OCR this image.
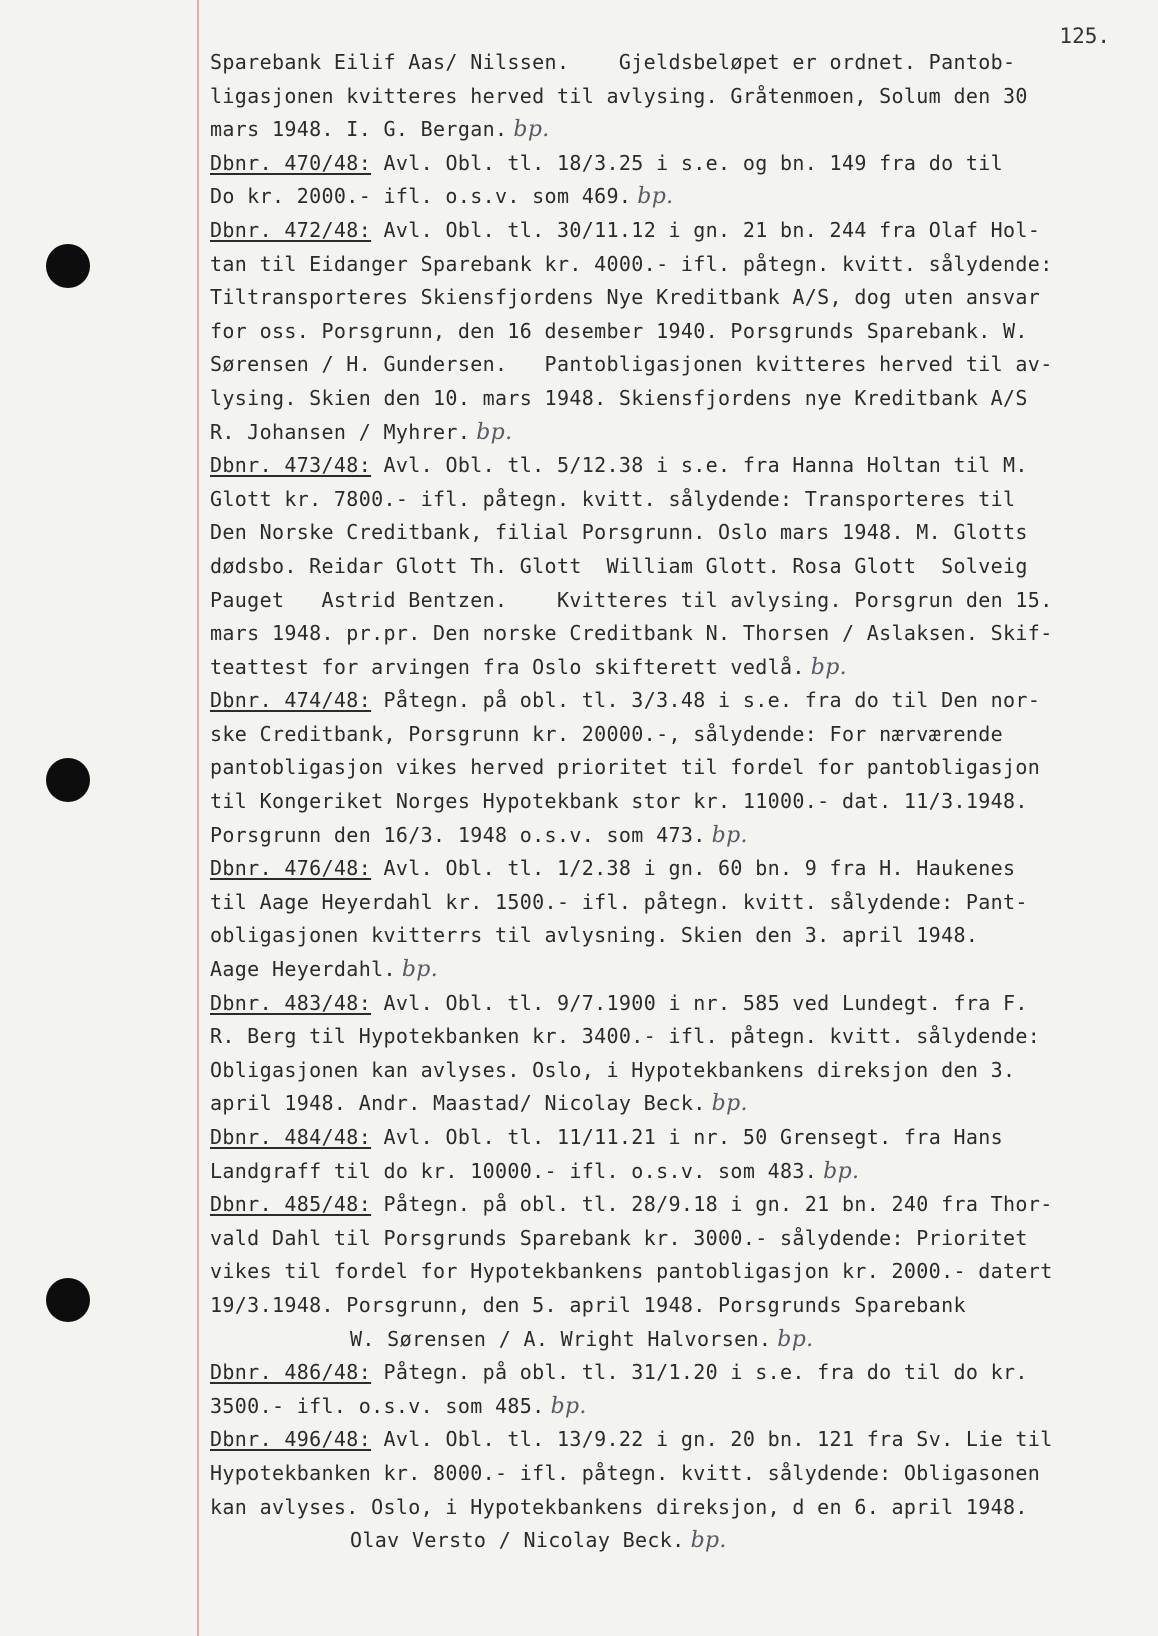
125.
Sparebank Eilif Aas/ Nilssen.    Gjeldsbeløpet er ordnet. Pantob-
ligasjonen kvitteres herved til avlysing. Gråtenmoen, Solum den 30
mars 1948. I. G. Bergan. bp.
Dbnr. 470/48: Avl. Obl. tl. 18/3.25 i s.e. og bn. 149 fra do til
Do kr. 2000.- ifl. o.s.v. som 469. bp.
Dbnr. 472/48: Avl. Obl. tl. 30/11.12 i gn. 21 bn. 244 fra Olaf Hol-
tan til Eidanger Sparebank kr. 4000.- ifl. påtegn. kvitt. sålydende:
Tiltransporteres Skiensfjordens Nye Kreditbank A/S, dog uten ansvar
for oss. Porsgrunn, den 16 desember 1940. Porsgrunds Sparebank. W.
Sørensen / H. Gundersen.   Pantobligasjonen kvitteres herved til av-
lysing. Skien den 10. mars 1948. Skiensfjordens nye Kreditbank A/S
R. Johansen / Myhrer. bp.
Dbnr. 473/48: Avl. Obl. tl. 5/12.38 i s.e. fra Hanna Holtan til M.
Glott kr. 7800.- ifl. påtegn. kvitt. sålydende: Transporteres til
Den Norske Creditbank, filial Porsgrunn. Oslo mars 1948. M. Glotts
dødsbo. Reidar Glott Th. Glott  William Glott. Rosa Glott  Solveig
Pauget   Astrid Bentzen.    Kvitteres til avlysing. Porsgrun den 15.
mars 1948. pr.pr. Den norske Creditbank N. Thorsen / Aslaksen. Skif-
teattest for arvingen fra Oslo skifterett vedlå. bp.
Dbnr. 474/48: Påtegn. på obl. tl. 3/3.48 i s.e. fra do til Den nor-
ske Creditbank, Porsgrunn kr. 20000.-, sålydende: For nærværende
pantobligasjon vikes herved prioritet til fordel for pantobligasjon
til Kongeriket Norges Hypotekbank stor kr. 11000.- dat. 11/3.1948.
Porsgrunn den 16/3. 1948 o.s.v. som 473. bp.
Dbnr. 476/48: Avl. Obl. tl. 1/2.38 i gn. 60 bn. 9 fra H. Haukenes
til Aage Heyerdahl kr. 1500.- ifl. påtegn. kvitt. sålydende: Pant-
obligasjonen kvitterrs til avlysning. Skien den 3. april 1948.
Aage Heyerdahl. bp.
Dbnr. 483/48: Avl. Obl. tl. 9/7.1900 i nr. 585 ved Lundegt. fra F.
R. Berg til Hypotekbanken kr. 3400.- ifl. påtegn. kvitt. sålydende:
Obligasjonen kan avlyses. Oslo, i Hypotekbankens direksjon den 3.
april 1948. Andr. Maastad/ Nicolay Beck. bp.
Dbnr. 484/48: Avl. Obl. tl. 11/11.21 i nr. 50 Grensegt. fra Hans
Landgraff til do kr. 10000.- ifl. o.s.v. som 483. bp.
Dbnr. 485/48: Påtegn. på obl. tl. 28/9.18 i gn. 21 bn. 240 fra Thor-
vald Dahl til Porsgrunds Sparebank kr. 3000.- sålydende: Prioritet
vikes til fordel for Hypotekbankens pantobligasjon kr. 2000.- datert
19/3.1948. Porsgrunn, den 5. april 1948. Porsgrunds Sparebank
W. Sørensen / A. Wright Halvorsen. bp.
Dbnr. 486/48: Påtegn. på obl. tl. 31/1.20 i s.e. fra do til do kr.
3500.- ifl. o.s.v. som 485. bp.
Dbnr. 496/48: Avl. Obl. tl. 13/9.22 i gn. 20 bn. 121 fra Sv. Lie til
Hypotekbanken kr. 8000.- ifl. påtegn. kvitt. sålydende: Obligasonen
kan avlyses. Oslo, i Hypotekbankens direksjon, d en 6. april 1948.
Olav Versto / Nicolay Beck. bp.
